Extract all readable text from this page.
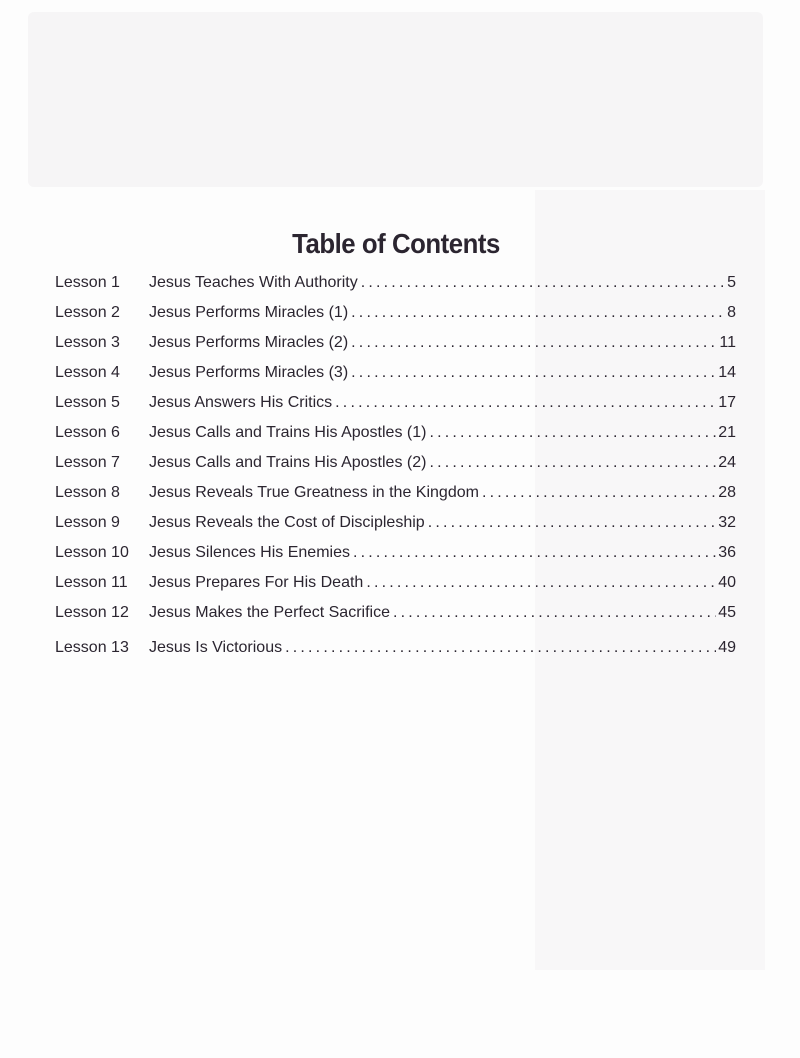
Table of Contents
Lesson 1	Jesus Teaches With Authority .....	5
Lesson 2	Jesus Performs Miracles (1) .....	8
Lesson 3	Jesus Performs Miracles (2) .....	11
Lesson 4	Jesus Performs Miracles (3) .....	14
Lesson 5	Jesus Answers His Critics .....	17
Lesson 6	Jesus Calls and Trains His Apostles (1) .....	21
Lesson 7	Jesus Calls and Trains His Apostles (2) .....	24
Lesson 8	Jesus Reveals True Greatness in the Kingdom .....	28
Lesson 9	Jesus Reveals the Cost of Discipleship .....	32
Lesson 10	Jesus Silences His Enemies .....	36
Lesson 11	Jesus Prepares For His Death .....	40
Lesson 12	Jesus Makes the Perfect Sacrifice .....	45
Lesson 13	Jesus Is Victorious .....	49
